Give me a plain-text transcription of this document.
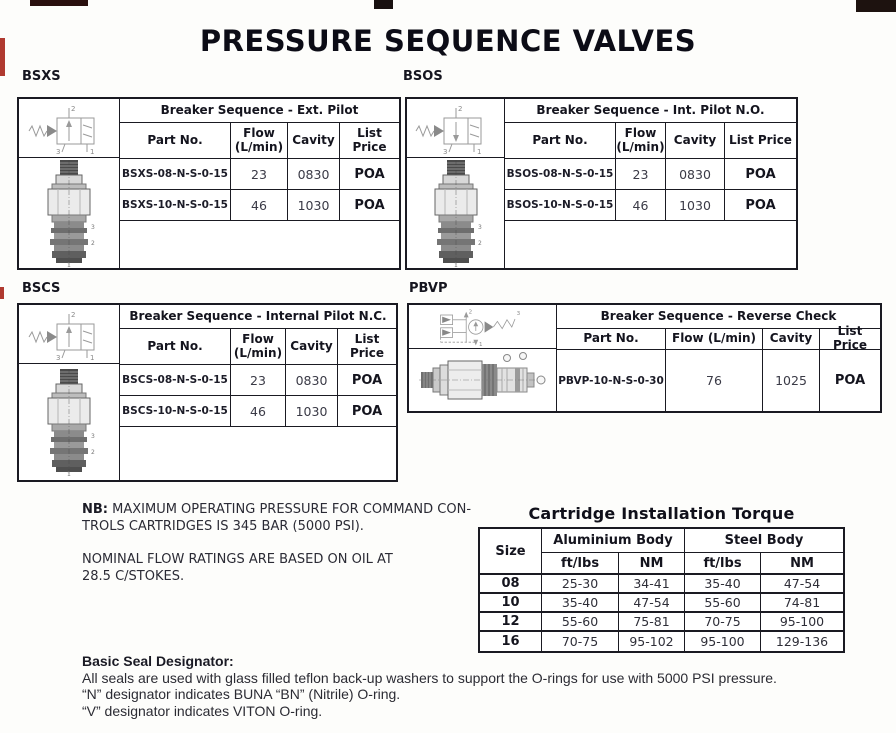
PRESSURE SEQUENCE VALVES
BSXS	BSOS
BSCS	PBVP
2
3	1
3
2
1
Breaker Sequence - Ext. Pilot
Part No.	Flow (L/min) Cavity	List Price
BSXS-08-N-S-0-15	23	0830	POA
BSXS-10-N-S-0-15	46	1030	POA
2
3	1
3
2
1
Breaker Sequence - Int. Pilot N.O.
Part No.	Flow (L/min) Cavity	List Price
BSOS-08-N-S-0-15	23	0830	POA
BSOS-10-N-S-0-15	46	1030	POA
2
3	1
3
2
1
Breaker Sequence - Internal Pilot N.C.
Part No.	Flow (L/min) Cavity	List Price
BSCS-08-N-S-0-15	23	0830	POA
BSCS-10-N-S-0-15	46	1030	POA
2	3
1
Breaker Sequence - Reverse Check
Part No.	Flow (L/min)	Cavity	List Price
PBVP-10-N-S-0-30	76	1025	POA
NB: MAXIMUM OPERATING PRESSURE FOR COMMAND CON-
TROLS CARTRIDGES IS 345 BAR (5000 PSI).
NOMINAL FLOW RATINGS ARE BASED ON OIL AT
28.5 C/STOKES.
Cartridge Installation Torque
Size
Aluminium Body	Steel Body
ft/lbs	NM	ft/lbs	NM
08	25-30	34-41	35-40	47-54
10	35-40	47-54	55-60	74-81
12	55-60	75-81	70-75	95-100
16	70-75	95-102	95-100	129-136
Basic Seal Designator:
All seals are used with glass filled teflon back-up washers to support the O-rings for use with 5000 PSI pressure.
“N” designator indicates BUNA “BN” (Nitrile) O-ring.
“V” designator indicates VITON O-ring.
